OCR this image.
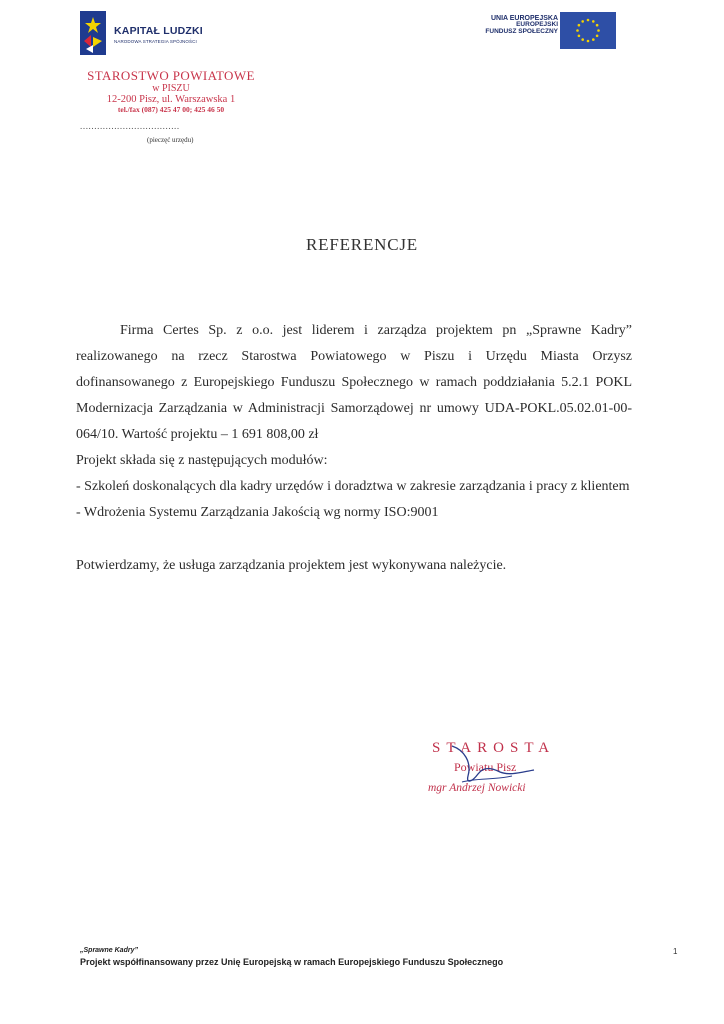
KAPITAŁ LUDZKI
NARODOWA STRATEGIA SPÓJNOŚCI
UNIA EUROPEJSKA
EUROPEJSKI
FUNDUSZ SPOŁECZNY
STAROSTWO POWIATOWE
w PISZU
12-200 Pisz, ul. Warszawska 1
tel./fax (087) 425 47 00; 425 46 50
...................................
(pieczęć urzędu)
REFERENCJE

Firma Certes Sp. z o.o. jest liderem i zarządza projektem pn „Sprawne Kadry” realizowanego na rzecz Starostwa Powiatowego w Piszu i Urzędu Miasta Orzysz dofinansowanego z Europejskiego Funduszu Społecznego w ramach poddziałania 5.2.1 POKL Modernizacja Zarządzania w Administracji Samorządowej nr umowy UDA-POKL.05.02.01-00-064/10. Wartość projektu – 1 691 808,00 zł

Projekt składa się z następujących modułów:

- Szkoleń doskonalących dla kadry urzędów i doradztwa w zakresie zarządzania i pracy z klientem

- Wdrożenia Systemu Zarządzania Jakością wg normy ISO:9001

Potwierdzamy, że usługa zarządzania projektem jest wykonywana należycie.

STAROSTA
Powiatu Pisz
mgr Andrzej Nowicki
„Sprawne Kadry”
Projekt współfinansowany przez Unię Europejską w ramach Europejskiego Funduszu Społecznego
1
